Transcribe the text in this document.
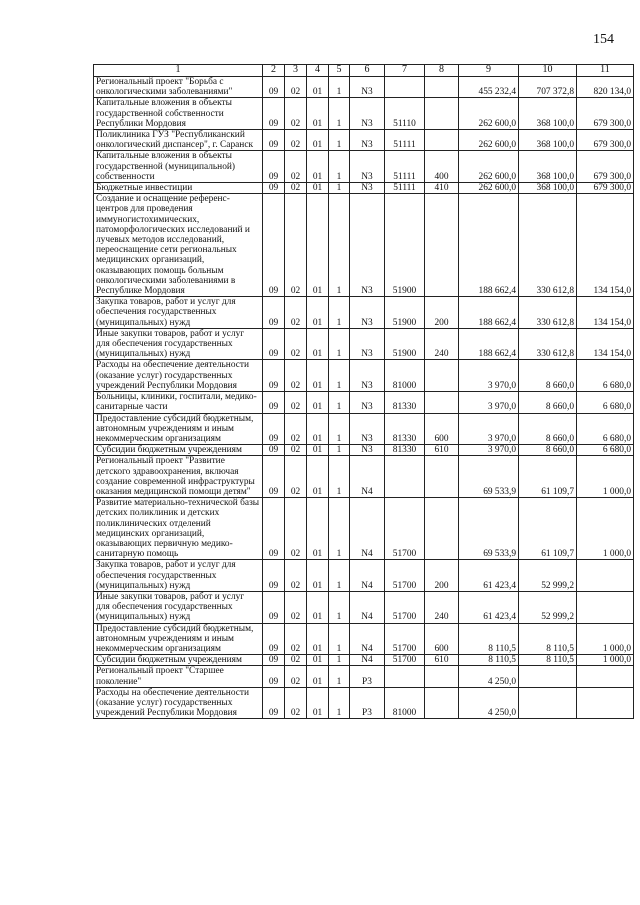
154
1	2	3	4	5	6	7	8	9	10	11
Региональный проект "Борьба с онкологическими заболеваниями"	09	02	01	1	N3			455 232,4	707 372,8	820 134,0
Капитальные вложения в объекты государственной собственности Республики Мордовия	09	02	01	1	N3	51110		262 600,0	368 100,0	679 300,0
Поликлиника ГУЗ "Республиканский онкологический диспансер", г. Саранск	09	02	01	1	N3	51111		262 600,0	368 100,0	679 300,0
Капитальные вложения в объекты государственной (муниципальной) собственности	09	02	01	1	N3	51111	400	262 600,0	368 100,0	679 300,0
Бюджетные инвестиции	09	02	01	1	N3	51111	410	262 600,0	368 100,0	679 300,0
Создание и оснащение референс-центров для проведения иммуногистохимических, патоморфологических исследований и лучевых методов исследований, переоснащение сети региональных медицинских организаций, оказывающих помощь больным онкологическими заболеваниями в Республике Мордовия	09	02	01	1	N3	51900		188 662,4	330 612,8	134 154,0
Закупка товаров, работ и услуг для обеспечения государственных (муниципальных) нужд	09	02	01	1	N3	51900	200	188 662,4	330 612,8	134 154,0
Иные закупки товаров, работ и услуг для обеспечения государственных (муниципальных) нужд	09	02	01	1	N3	51900	240	188 662,4	330 612,8	134 154,0
Расходы на обеспечение деятельности (оказание услуг) государственных учреждений Республики Мордовия	09	02	01	1	N3	81000		3 970,0	8 660,0	6 680,0
Больницы, клиники, госпитали, медико-санитарные части	09	02	01	1	N3	81330		3 970,0	8 660,0	6 680,0
Предоставление субсидий бюджетным, автономным учреждениям и иным некоммерческим организациям	09	02	01	1	N3	81330	600	3 970,0	8 660,0	6 680,0
Субсидии бюджетным учреждениям	09	02	01	1	N3	81330	610	3 970,0	8 660,0	6 680,0
Региональный проект "Развитие детского здравоохранения, включая создание современной инфраструктуры оказания медицинской помощи детям"	09	02	01	1	N4			69 533,9	61 109,7	1 000,0
Развитие материально-технической базы детских поликлиник и детских поликлинических отделений медицинских организаций, оказывающих первичную медико-санитарную помощь	09	02	01	1	N4	51700		69 533,9	61 109,7	1 000,0
Закупка товаров, работ и услуг для обеспечения государственных (муниципальных) нужд	09	02	01	1	N4	51700	200	61 423,4	52 999,2	
Иные закупки товаров, работ и услуг для обеспечения государственных (муниципальных) нужд	09	02	01	1	N4	51700	240	61 423,4	52 999,2	
Предоставление субсидий бюджетным, автономным учреждениям и иным некоммерческим организациям	09	02	01	1	N4	51700	600	8 110,5	8 110,5	1 000,0
Субсидии бюджетным учреждениям	09	02	01	1	N4	51700	610	8 110,5	8 110,5	1 000,0
Региональный проект "Старшее поколение"	09	02	01	1	P3			4 250,0		
Расходы на обеспечение деятельности (оказание услуг) государственных учреждений Республики Мордовия	09	02	01	1	P3	81000		4 250,0		
